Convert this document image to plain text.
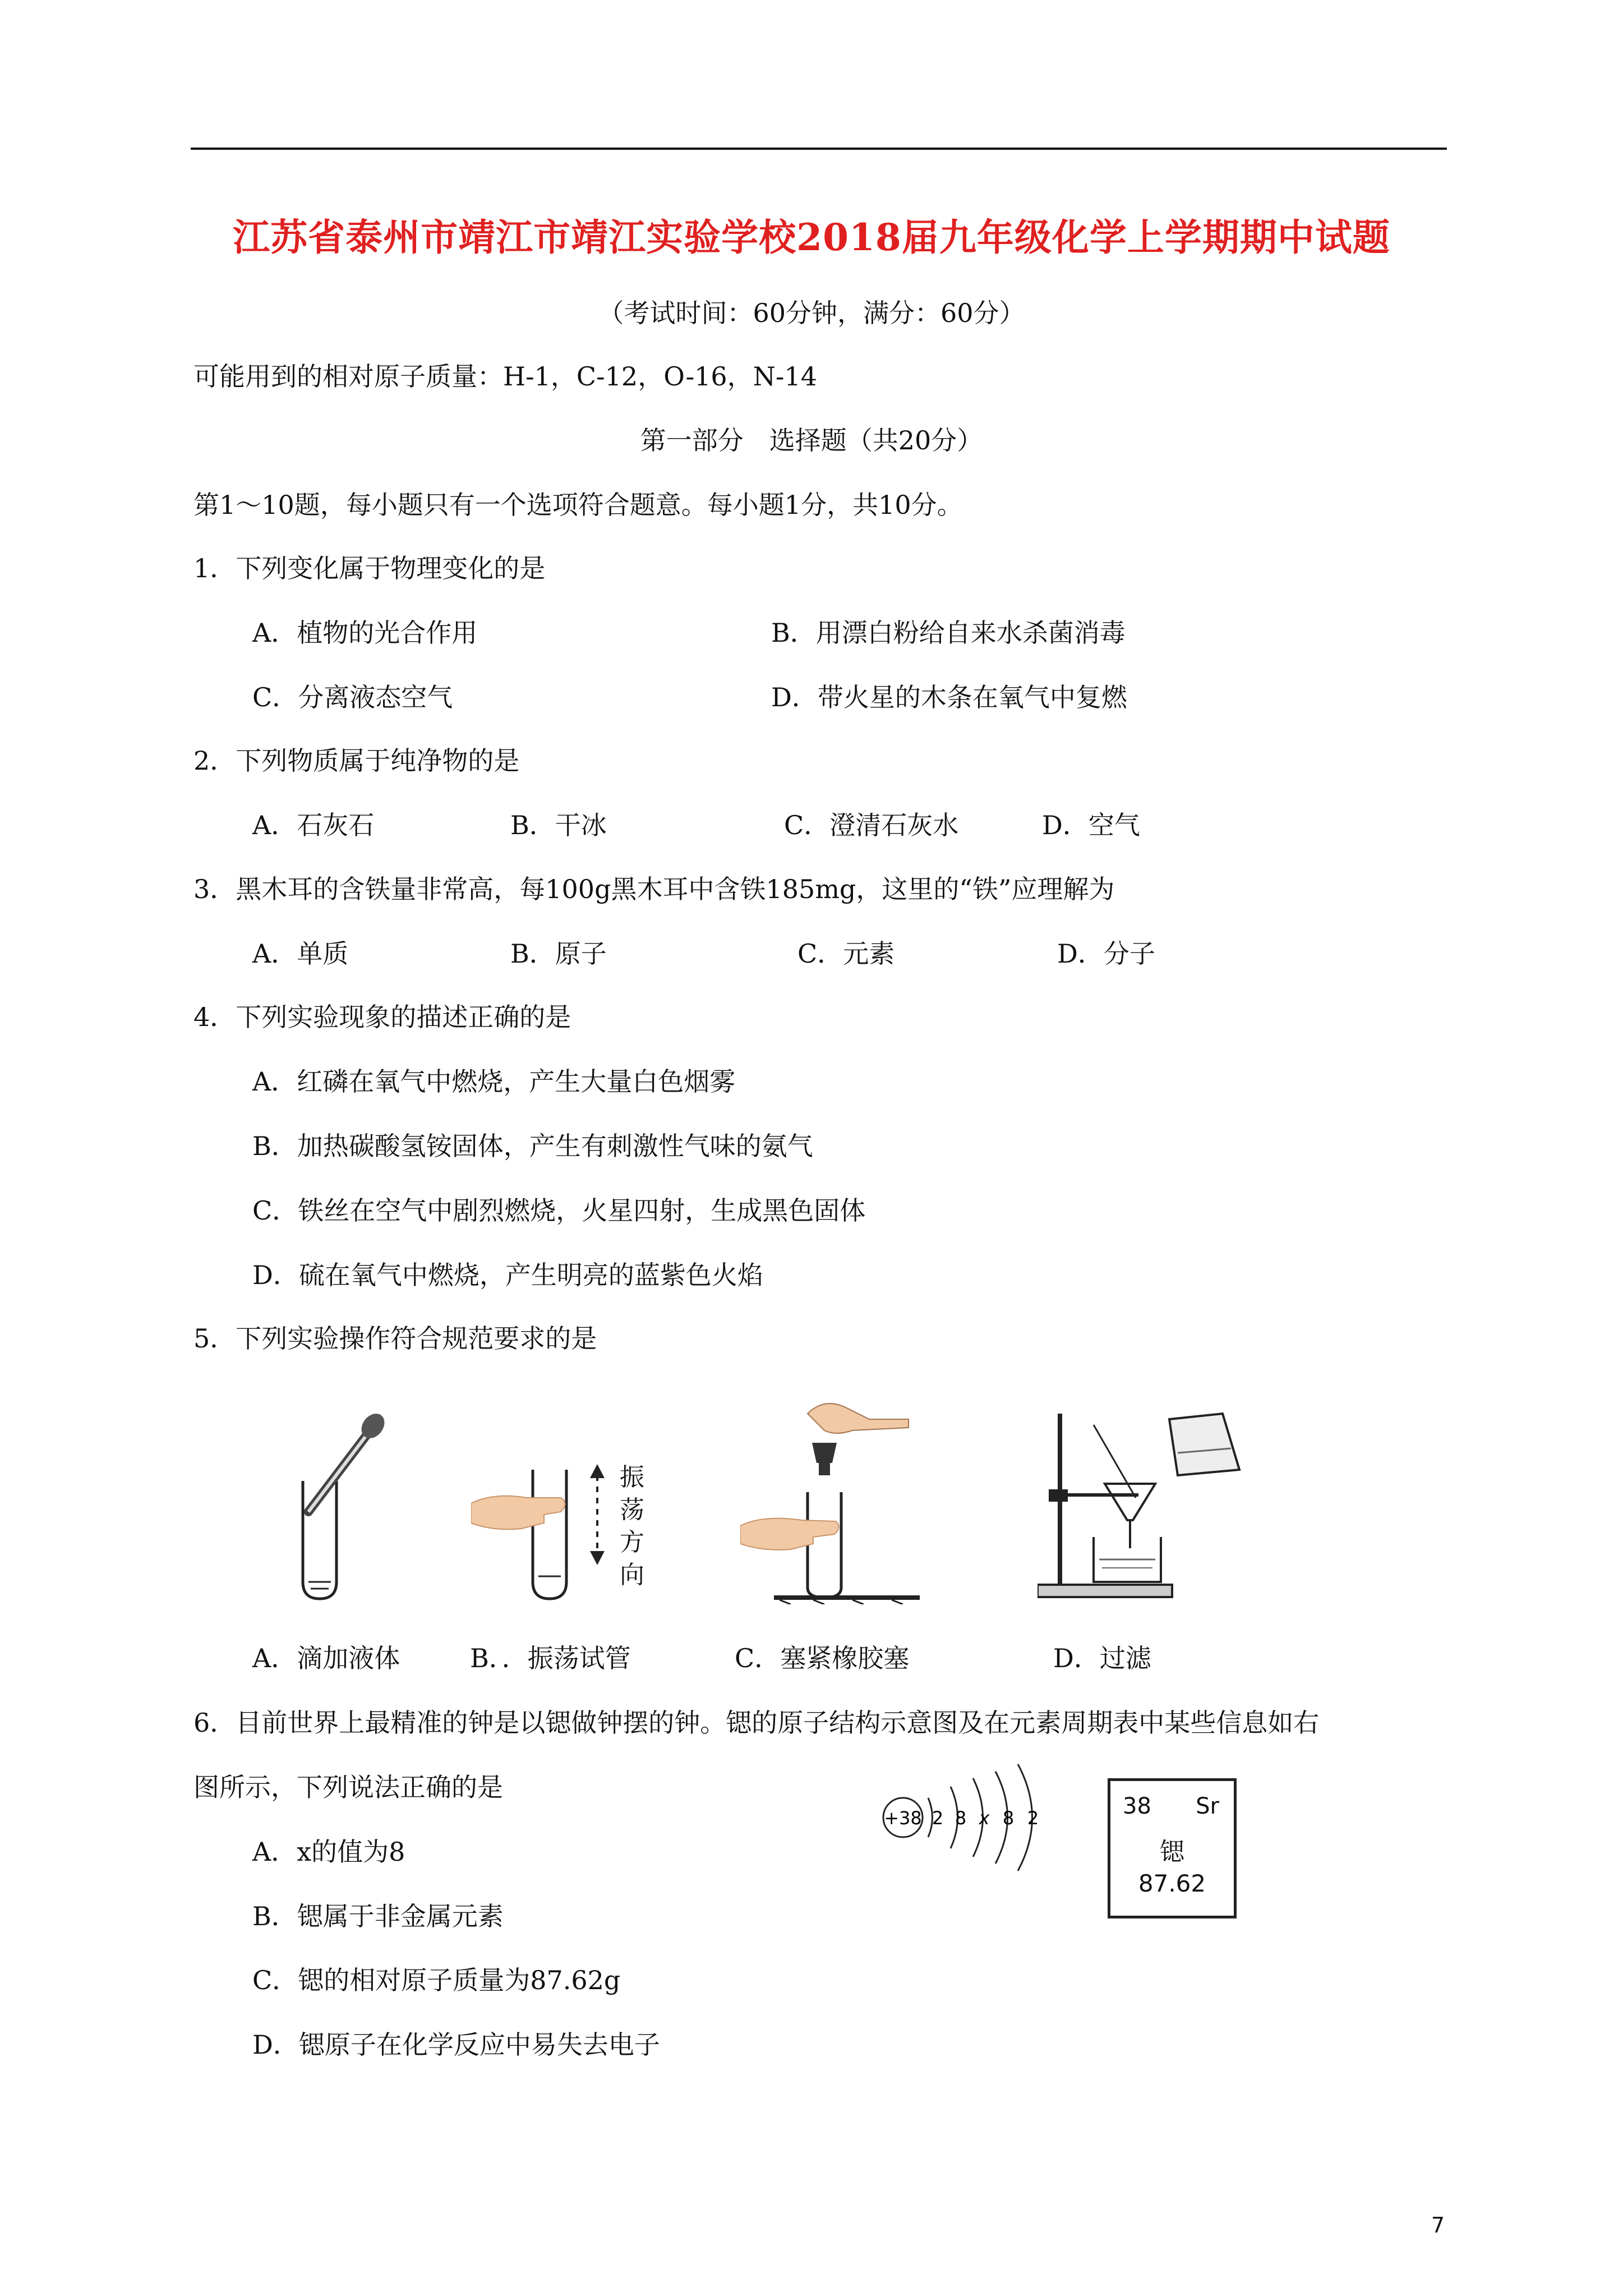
江苏省泰州市靖江市靖江实验学校2018届九年级化学上学期期中试题
（考试时间：60分钟，满分：60分）
可能用到的相对原子质量：H-1，C-12，O-16，N-14
第一部分　选择题（共20分）
第1～10题，每小题只有一个选项符合题意。每小题1分，共10分。
1．下列变化属于物理变化的是
A．植物的光合作用	B．用漂白粉给自来水杀菌消毒
C．分离液态空气	D．带火星的木条在氧气中复燃
2．下列物质属于纯净物的是
A．石灰石	B．干冰	C．澄清石灰水	D．空气
3．黑木耳的含铁量非常高，每100g黑木耳中含铁185mg，这里的“铁”应理解为
A．单质	B．原子	C．元素	D．分子
4．下列实验现象的描述正确的是
A．红磷在氧气中燃烧，产生大量白色烟雾
B．加热碳酸氢铵固体，产生有刺激性气味的氨气
C．铁丝在空气中剧烈燃烧，火星四射，生成黑色固体
D．硫在氧气中燃烧，产生明亮的蓝紫色火焰
5．下列实验操作符合规范要求的是
振
荡
方
向
A．滴加液体	B．．振荡试管	C．塞紧橡胶塞	D．过滤
6．目前世界上最精准的钟是以锶做钟摆的钟。锶的原子结构示意图及在元素周期表中某些信息如右
图所示，下列说法正确的是
+38 2 8 x 8 2	38 Sr
锶
87.62
A．x的值为8
B．锶属于非金属元素
C．锶的相对原子质量为87.62g
D．锶原子在化学反应中易失去电子
7
